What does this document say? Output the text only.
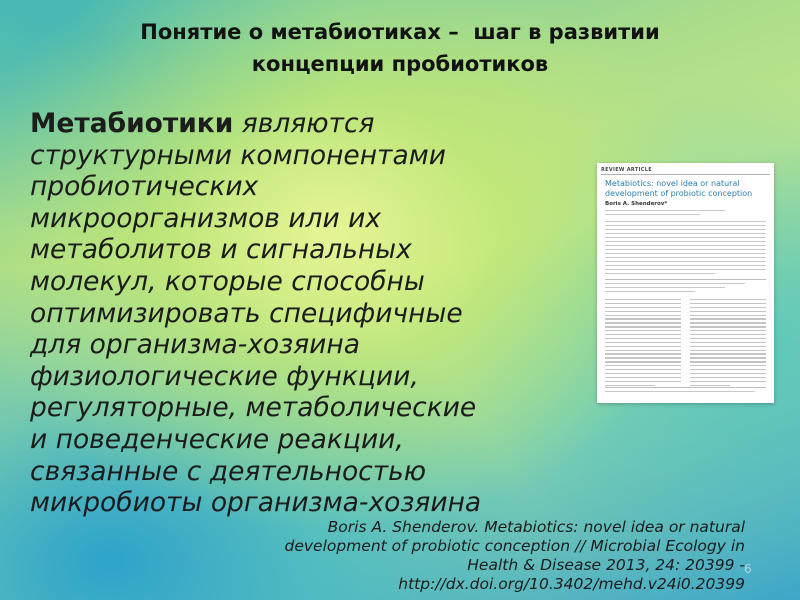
Понятие о метабиотиках –  шаг в развитии
концепции пробиотиков
Метабиотики являются
структурными компонентами
пробиотических
микроорганизмов или их
метаболитов и сигнальных
молекул, которые способны
оптимизировать специфичные
для организма-хозяина
физиологические функции,
регуляторные, метаболические
и поведенческие реакции,
связанные с деятельностью
микробиоты организма-хозяина
REVIEW ARTICLE
Metabiotics: novel idea or natural
development of probiotic conception
Boris A. Shenderov*
Boris A. Shenderov. Metabiotics: novel idea or natural
development of probiotic conception // Microbial Ecology in
Health & Disease 2013, 24: 20399 -
http://dx.doi.org/10.3402/mehd.v24i0.20399
6
